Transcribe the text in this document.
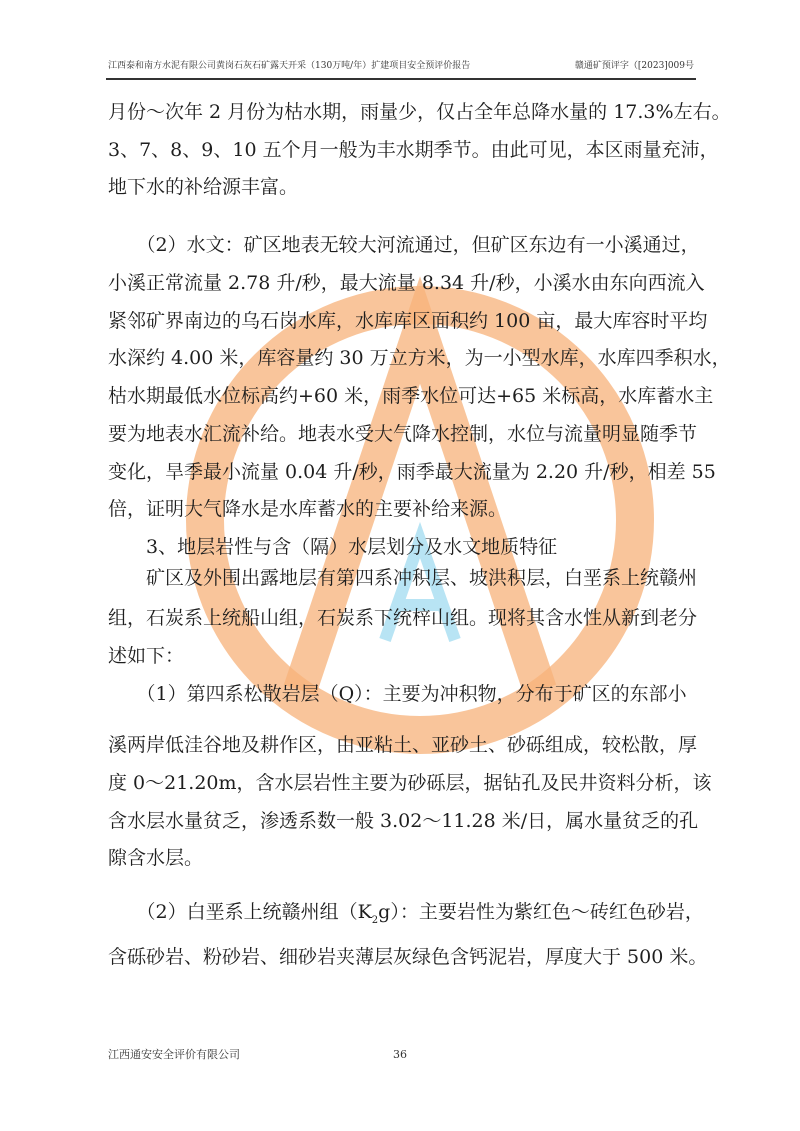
江西泰和南方水泥有限公司黄岗石灰石矿露天开采（130万吨/年）扩建项目安全预评价报告	赣通矿预评字（[2023]009号
月份～次年 2 月份为枯水期，雨量少，仅占全年总降水量的 17.3%左右。
3、7、8、9、10 五个月一般为丰水期季节。由此可见，本区雨量充沛，
地下水的补给源丰富。
　　（2）水文：矿区地表无较大河流通过，但矿区东边有一小溪通过，
小溪正常流量 2.78 升/秒，最大流量 8.34 升/秒，小溪水由东向西流入
紧邻矿界南边的乌石岗水库，水库库区面积约 100 亩，最大库容时平均
水深约 4.00 米，库容量约 30 万立方米，为一小型水库，水库四季积水，
枯水期最低水位标高约+60 米，雨季水位可达+65 米标高，水库蓄水主
要为地表水汇流补给。地表水受大气降水控制，水位与流量明显随季节
变化，旱季最小流量 0.04 升/秒，雨季最大流量为 2.20 升/秒，相差 55
倍，证明大气降水是水库蓄水的主要补给来源。
　　3、地层岩性与含（隔）水层划分及水文地质特征
　　矿区及外围出露地层有第四系冲积层、坡洪积层，白垩系上统赣州
组，石炭系上统船山组，石炭系下统梓山组。现将其含水性从新到老分
述如下：
　　（1）第四系松散岩层（Q）：主要为冲积物，分布于矿区的东部小
溪两岸低洼谷地及耕作区，由亚粘土、亚砂土、砂砾组成，较松散，厚
度 0～21.20m，含水层岩性主要为砂砾层，据钻孔及民井资料分析，该
含水层水量贫乏，渗透系数一般 3.02～11.28 米/日，属水量贫乏的孔
隙含水层。
　　（2）白垩系上统赣州组$(K_2g)$：主要岩性为紫红色～砖红色砂岩，
含砾砂岩、粉砂岩、细砂岩夹薄层灰绿色含钙泥岩，厚度大于 500 米。
江西通安安全评价有限公司	36
